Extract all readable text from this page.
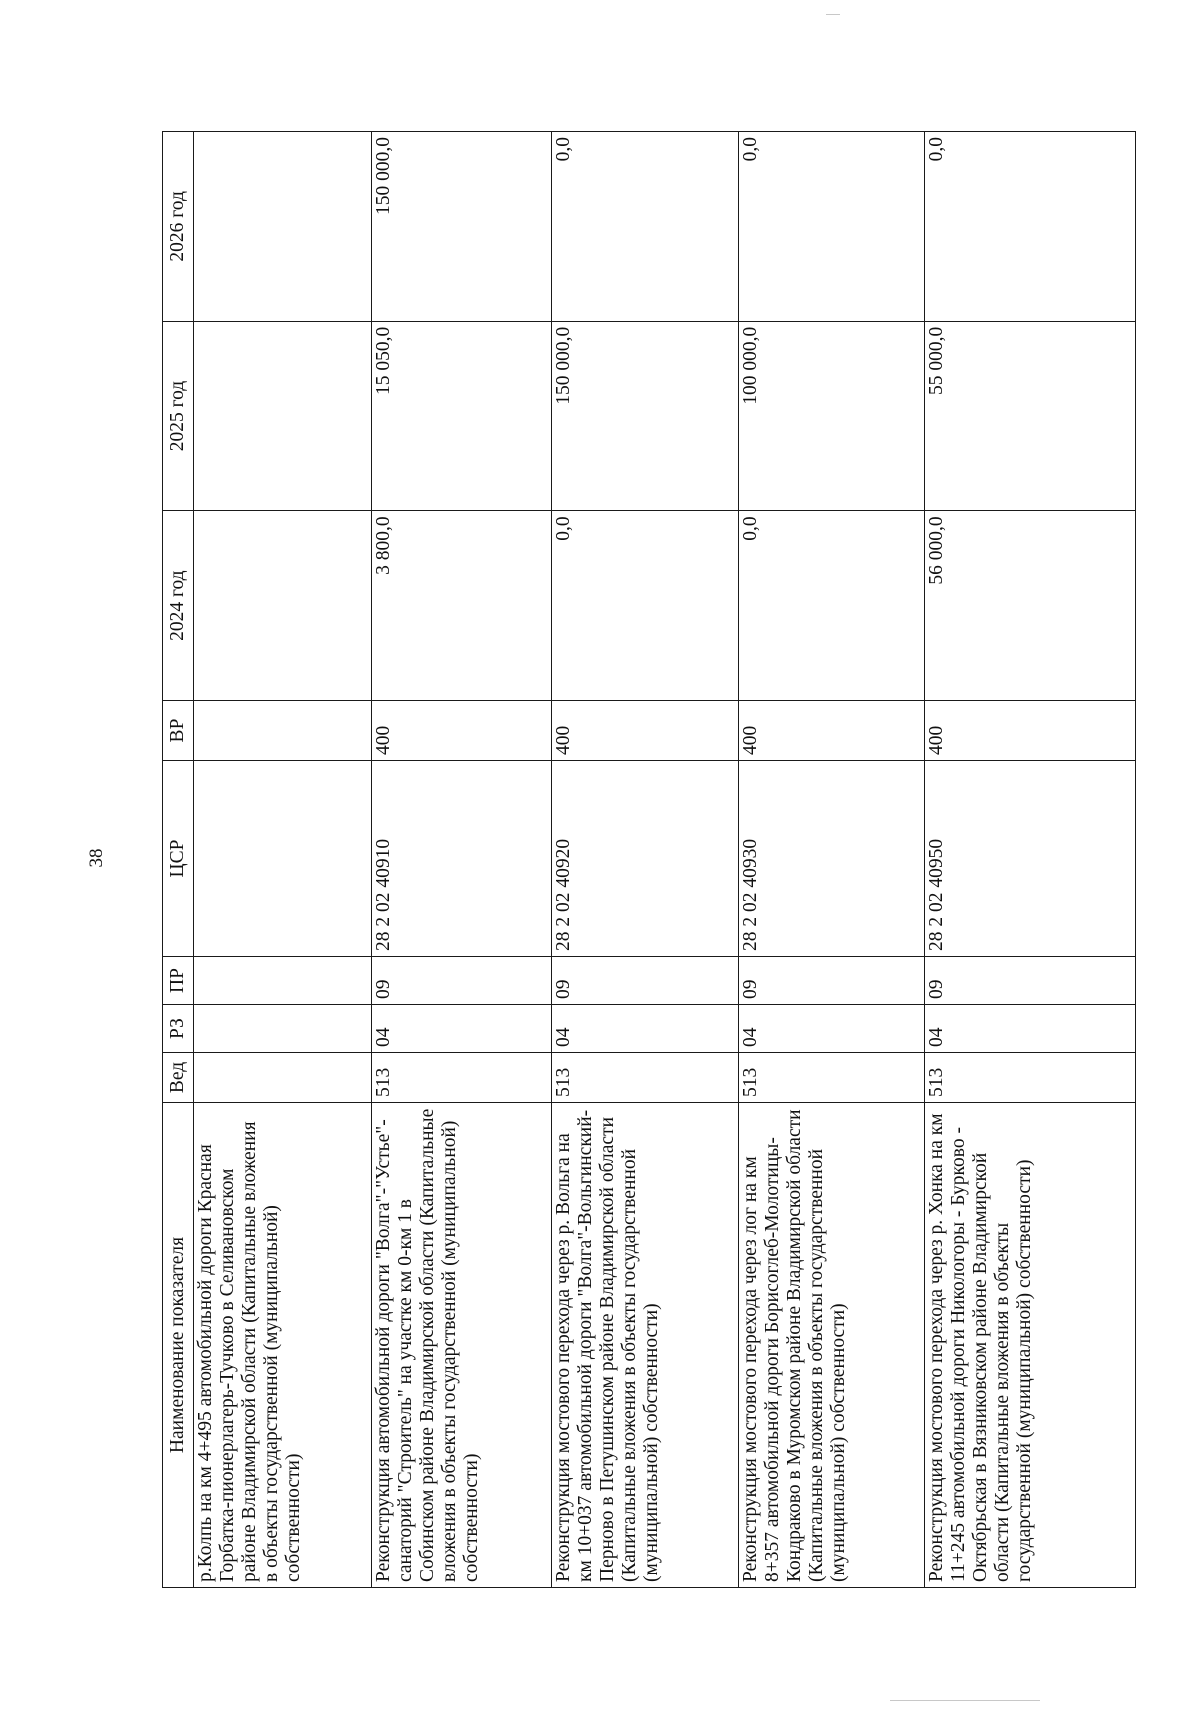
38
Наименование показателя	Вед	РЗ	ПР	ЦСР	ВР	2024 год	2025 год	2026 год
р.Колпь на км 4+495 автомобильной дороги Красная Горбатка-пионерлагерь-Тучково в Селивановском районе Владимирской области (Капитальные вложения в объекты государственной (муниципальной) собственности)								
Реконструкция автомобильной дороги "Волга"-"Устье"-санаторий "Строитель" на участке км 0-км 1 в Собинском районе Владимирской области (Капитальные вложения в объекты государственной (муниципальной) собственности)	513	04	09	28 2 02 40910	400	3 800,0	15 050,0	150 000,0
Реконструкция мостового перехода через р. Вольга на км 10+037 автомобильной дороги "Волга"-Вольгинский-Перново в Петушинском районе Владимирской области (Капитальные вложения в объекты государственной (муниципальной) собственности)	513	04	09	28 2 02 40920	400	0,0	150 000,0	0,0
Реконструкция мостового перехода через лог на км 8+357 автомобильной дороги Борисоглеб-Молотицы-Кондраково в Муромском районе Владимирской области (Капитальные вложения в объекты государственной (муниципальной) собственности)	513	04	09	28 2 02 40930	400	0,0	100 000,0	0,0
Реконструкция мостового перехода через р. Хонка на км 11+245 автомобильной дороги Никологоры - Бурково - Октябрьская в Вязниковском районе Владимирской области (Капитальные вложения в объекты государственной (муниципальной) собственности)	513	04	09	28 2 02 40950	400	56 000,0	55 000,0	0,0
